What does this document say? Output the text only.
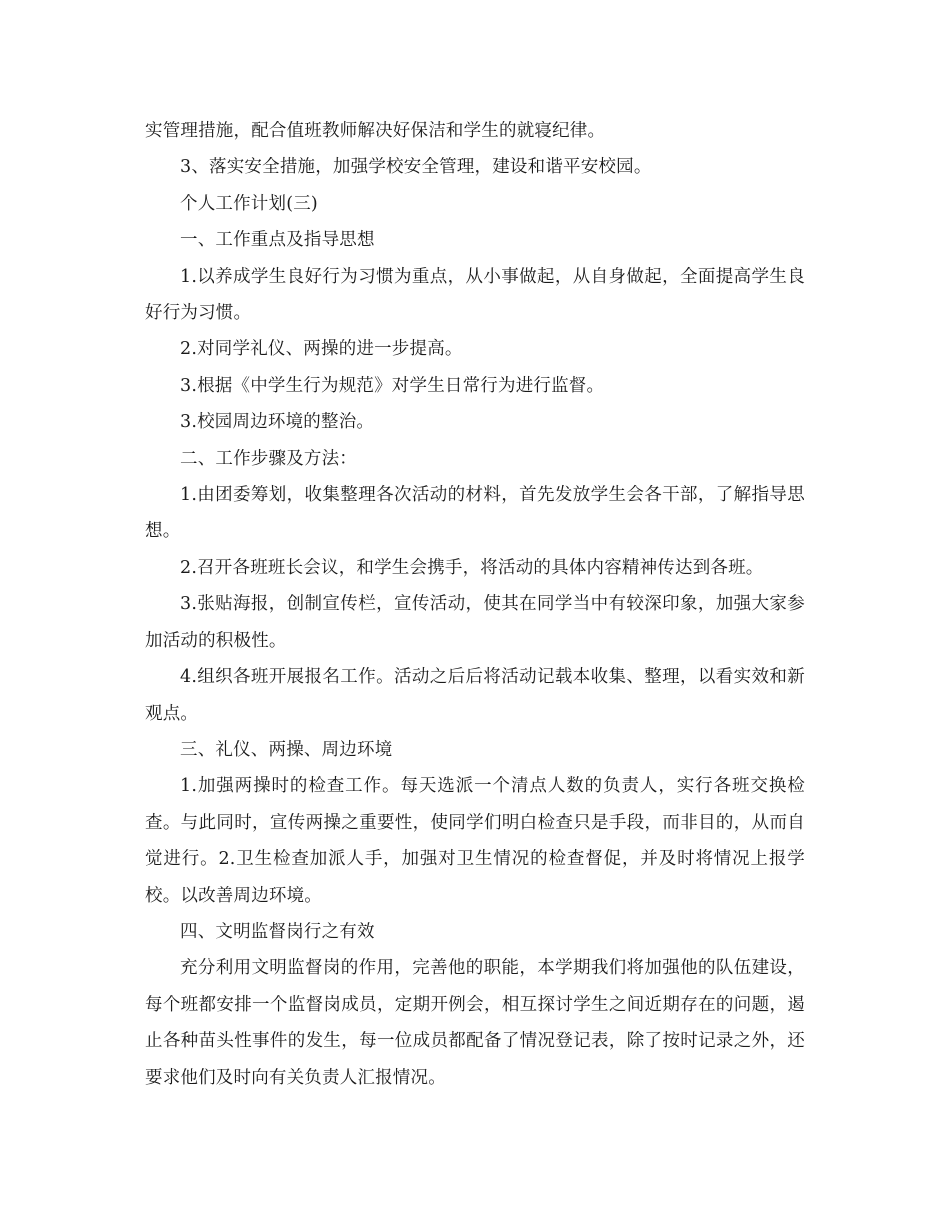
实管理措施，配合值班教师解决好保洁和学生的就寝纪律。

3、落实安全措施，加强学校安全管理，建设和谐平安校园。

个人工作计划(三)

一、工作重点及指导思想

1.以养成学生良好行为习惯为重点，从小事做起，从自身做起，全面提高学生良好行为习惯。

2.对同学礼仪、两操的进一步提高。

3.根据《中学生行为规范》对学生日常行为进行监督。

3.校园周边环境的整治。

二、工作步骤及方法：

1.由团委筹划，收集整理各次活动的材料，首先发放学生会各干部，了解指导思想。

2.召开各班班长会议，和学生会携手，将活动的具体内容精神传达到各班。

3.张贴海报，创制宣传栏，宣传活动，使其在同学当中有较深印象，加强大家参加活动的积极性。

4.组织各班开展报名工作。活动之后后将活动记载本收集、整理，以看实效和新观点。

三、礼仪、两操、周边环境

1.加强两操时的检查工作。每天选派一个清点人数的负责人，实行各班交换检查。与此同时，宣传两操之重要性，使同学们明白检查只是手段，而非目的，从而自觉进行。2.卫生检查加派人手，加强对卫生情况的检查督促，并及时将情况上报学校。以改善周边环境。

四、文明监督岗行之有效

充分利用文明监督岗的作用，完善他的职能，本学期我们将加强他的队伍建设，每个班都安排一个监督岗成员，定期开例会，相互探讨学生之间近期存在的问题，遏止各种苗头性事件的发生，每一位成员都配备了情况登记表，除了按时记录之外，还要求他们及时向有关负责人汇报情况。
